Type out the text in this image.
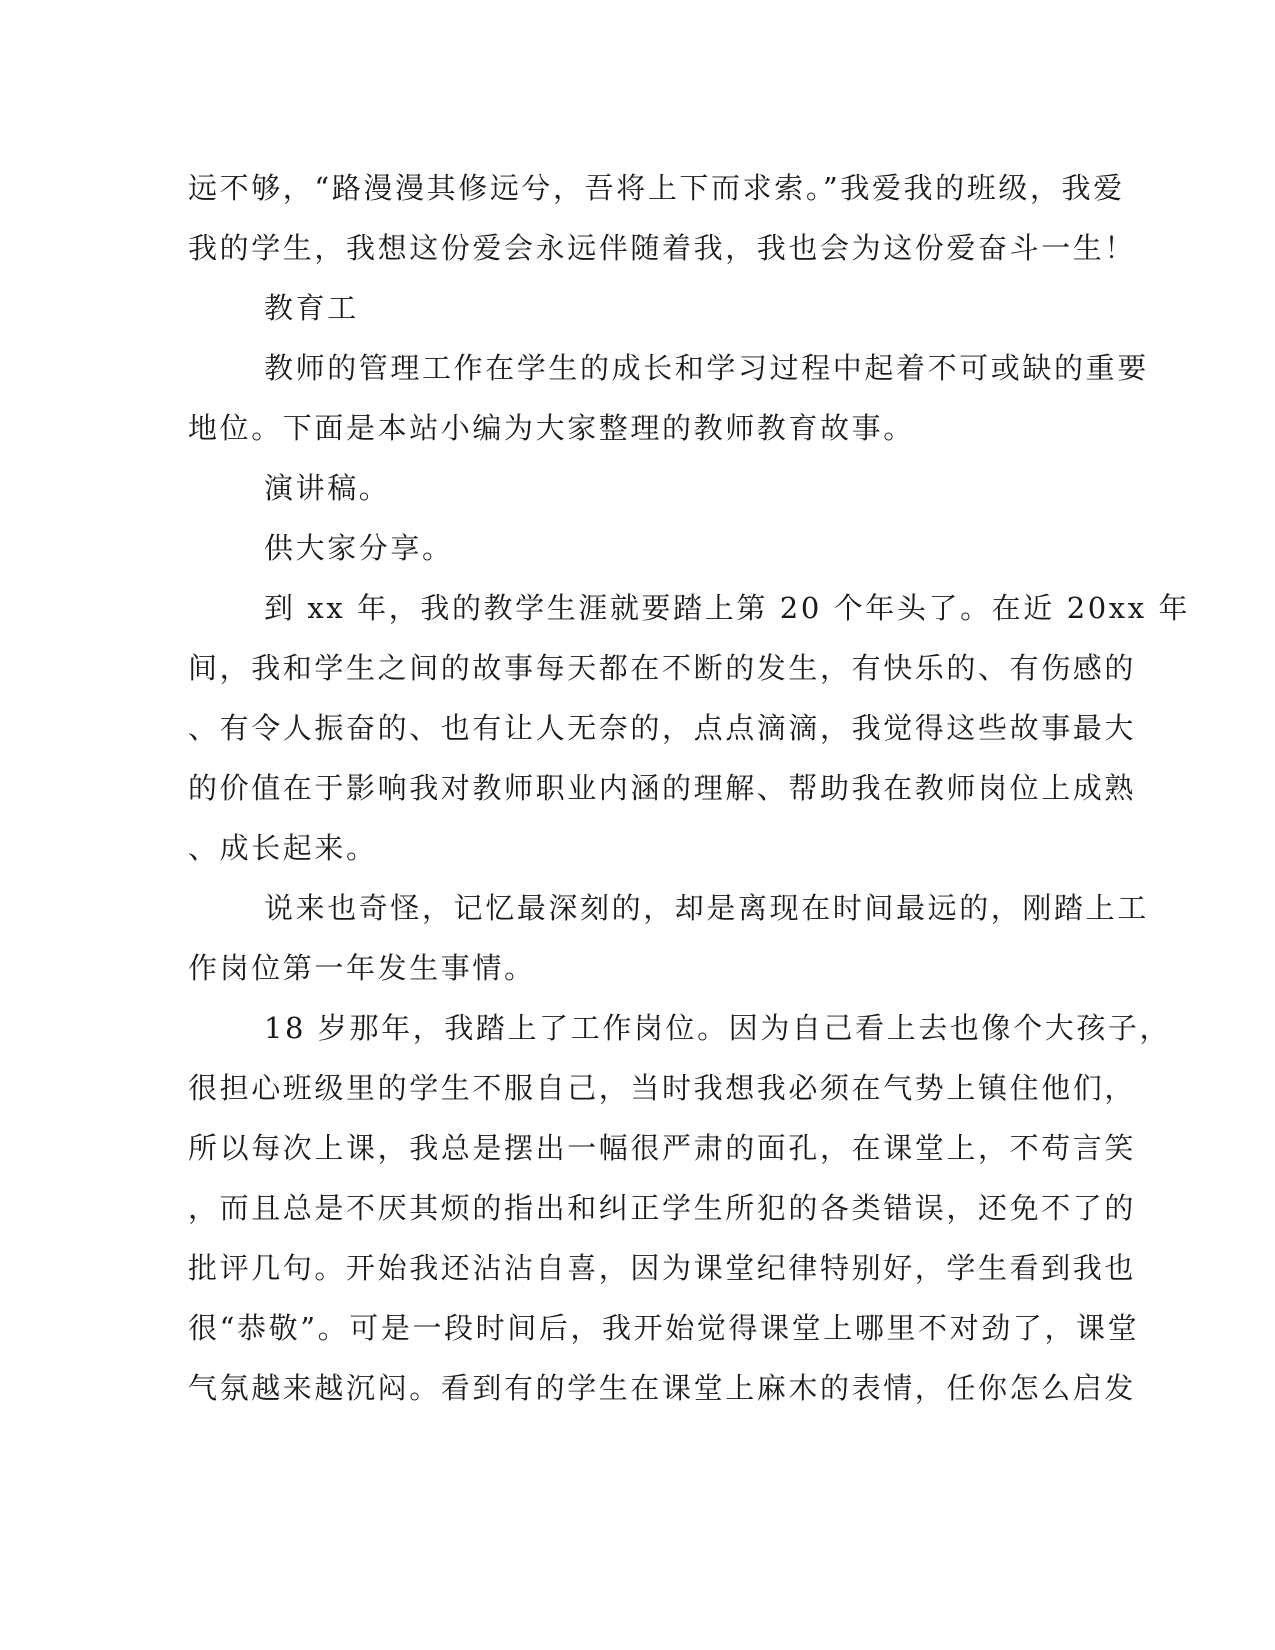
远不够，“路漫漫其修远兮，吾将上下而求索。”我爱我的班级，我爱
我的学生，我想这份爱会永远伴随着我，我也会为这份爱奋斗一生！
教育工
教师的管理工作在学生的成长和学习过程中起着不可或缺的重要
地位。下面是本站小编为大家整理的教师教育故事。
演讲稿。
供大家分享。
到 xx 年，我的教学生涯就要踏上第 20 个年头了。在近 20xx 年
间，我和学生之间的故事每天都在不断的发生，有快乐的、有伤感的
、有令人振奋的、也有让人无奈的，点点滴滴，我觉得这些故事最大
的价值在于影响我对教师职业内涵的理解、帮助我在教师岗位上成熟
、成长起来。
说来也奇怪，记忆最深刻的，却是离现在时间最远的，刚踏上工
作岗位第一年发生事情。
18 岁那年，我踏上了工作岗位。因为自己看上去也像个大孩子，
很担心班级里的学生不服自己，当时我想我必须在气势上镇住他们，
所以每次上课，我总是摆出一幅很严肃的面孔，在课堂上，不苟言笑
，而且总是不厌其烦的指出和纠正学生所犯的各类错误，还免不了的
批评几句。开始我还沾沾自喜，因为课堂纪律特别好，学生看到我也
很“恭敬”。可是一段时间后，我开始觉得课堂上哪里不对劲了，课堂
气氛越来越沉闷。看到有的学生在课堂上麻木的表情，任你怎么启发
